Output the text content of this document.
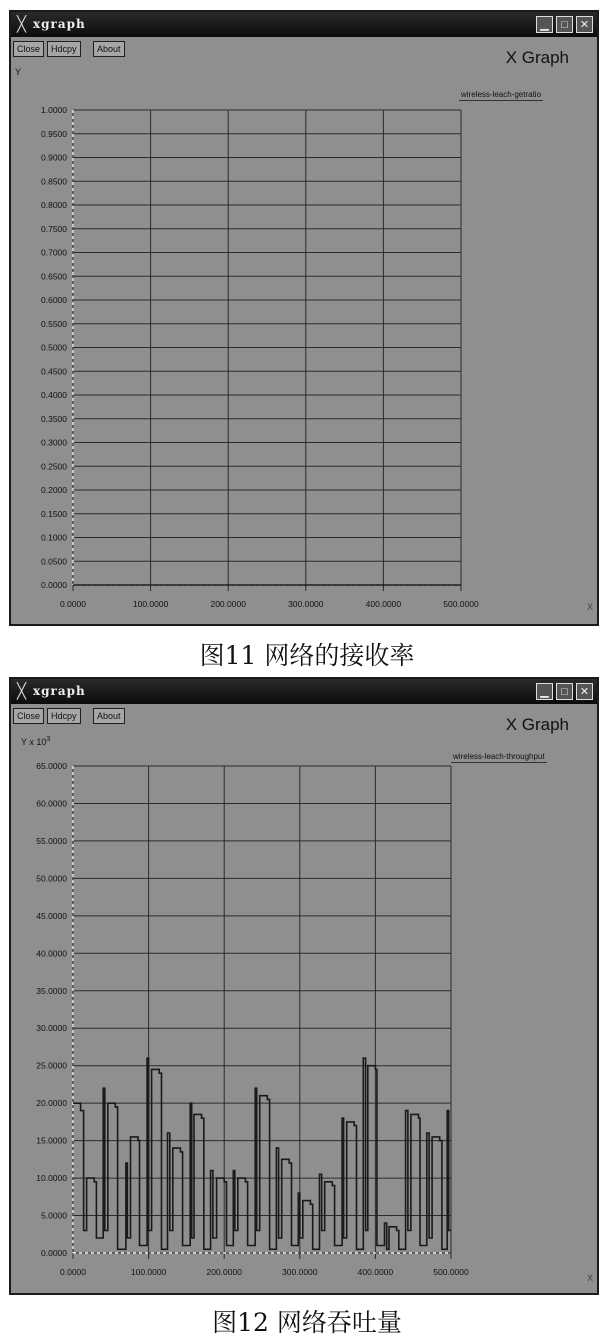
╳ xgraph	▁	□	✕
Close	Hdcpy	About	X Graph
Y
wireless-leach-getratio
X
0.0000
0.0500
0.1000
0.1500
0.2000
0.2500
0.3000
0.3500
0.4000
0.4500
0.5000
0.5500
0.6000
0.6500
0.7000
0.7500
0.8000
0.8500
0.9000
0.9500
1.0000
0.0000	100.0000	200.0000	300.0000	400.0000	500.0000
图11 网络的接收率
╳ xgraph	▁	□	✕
Close	Hdcpy	About	X Graph
Y x $10^3$
wireless-leach-throughput
X
0.0000
5.0000
10.0000
15.0000
20.0000
25.0000
30.0000
35.0000
40.0000
45.0000
50.0000
55.0000
60.0000
65.0000
0.0000	100.0000	200.0000	300.0000	400.0000	500.0000
图12 网络吞吐量
